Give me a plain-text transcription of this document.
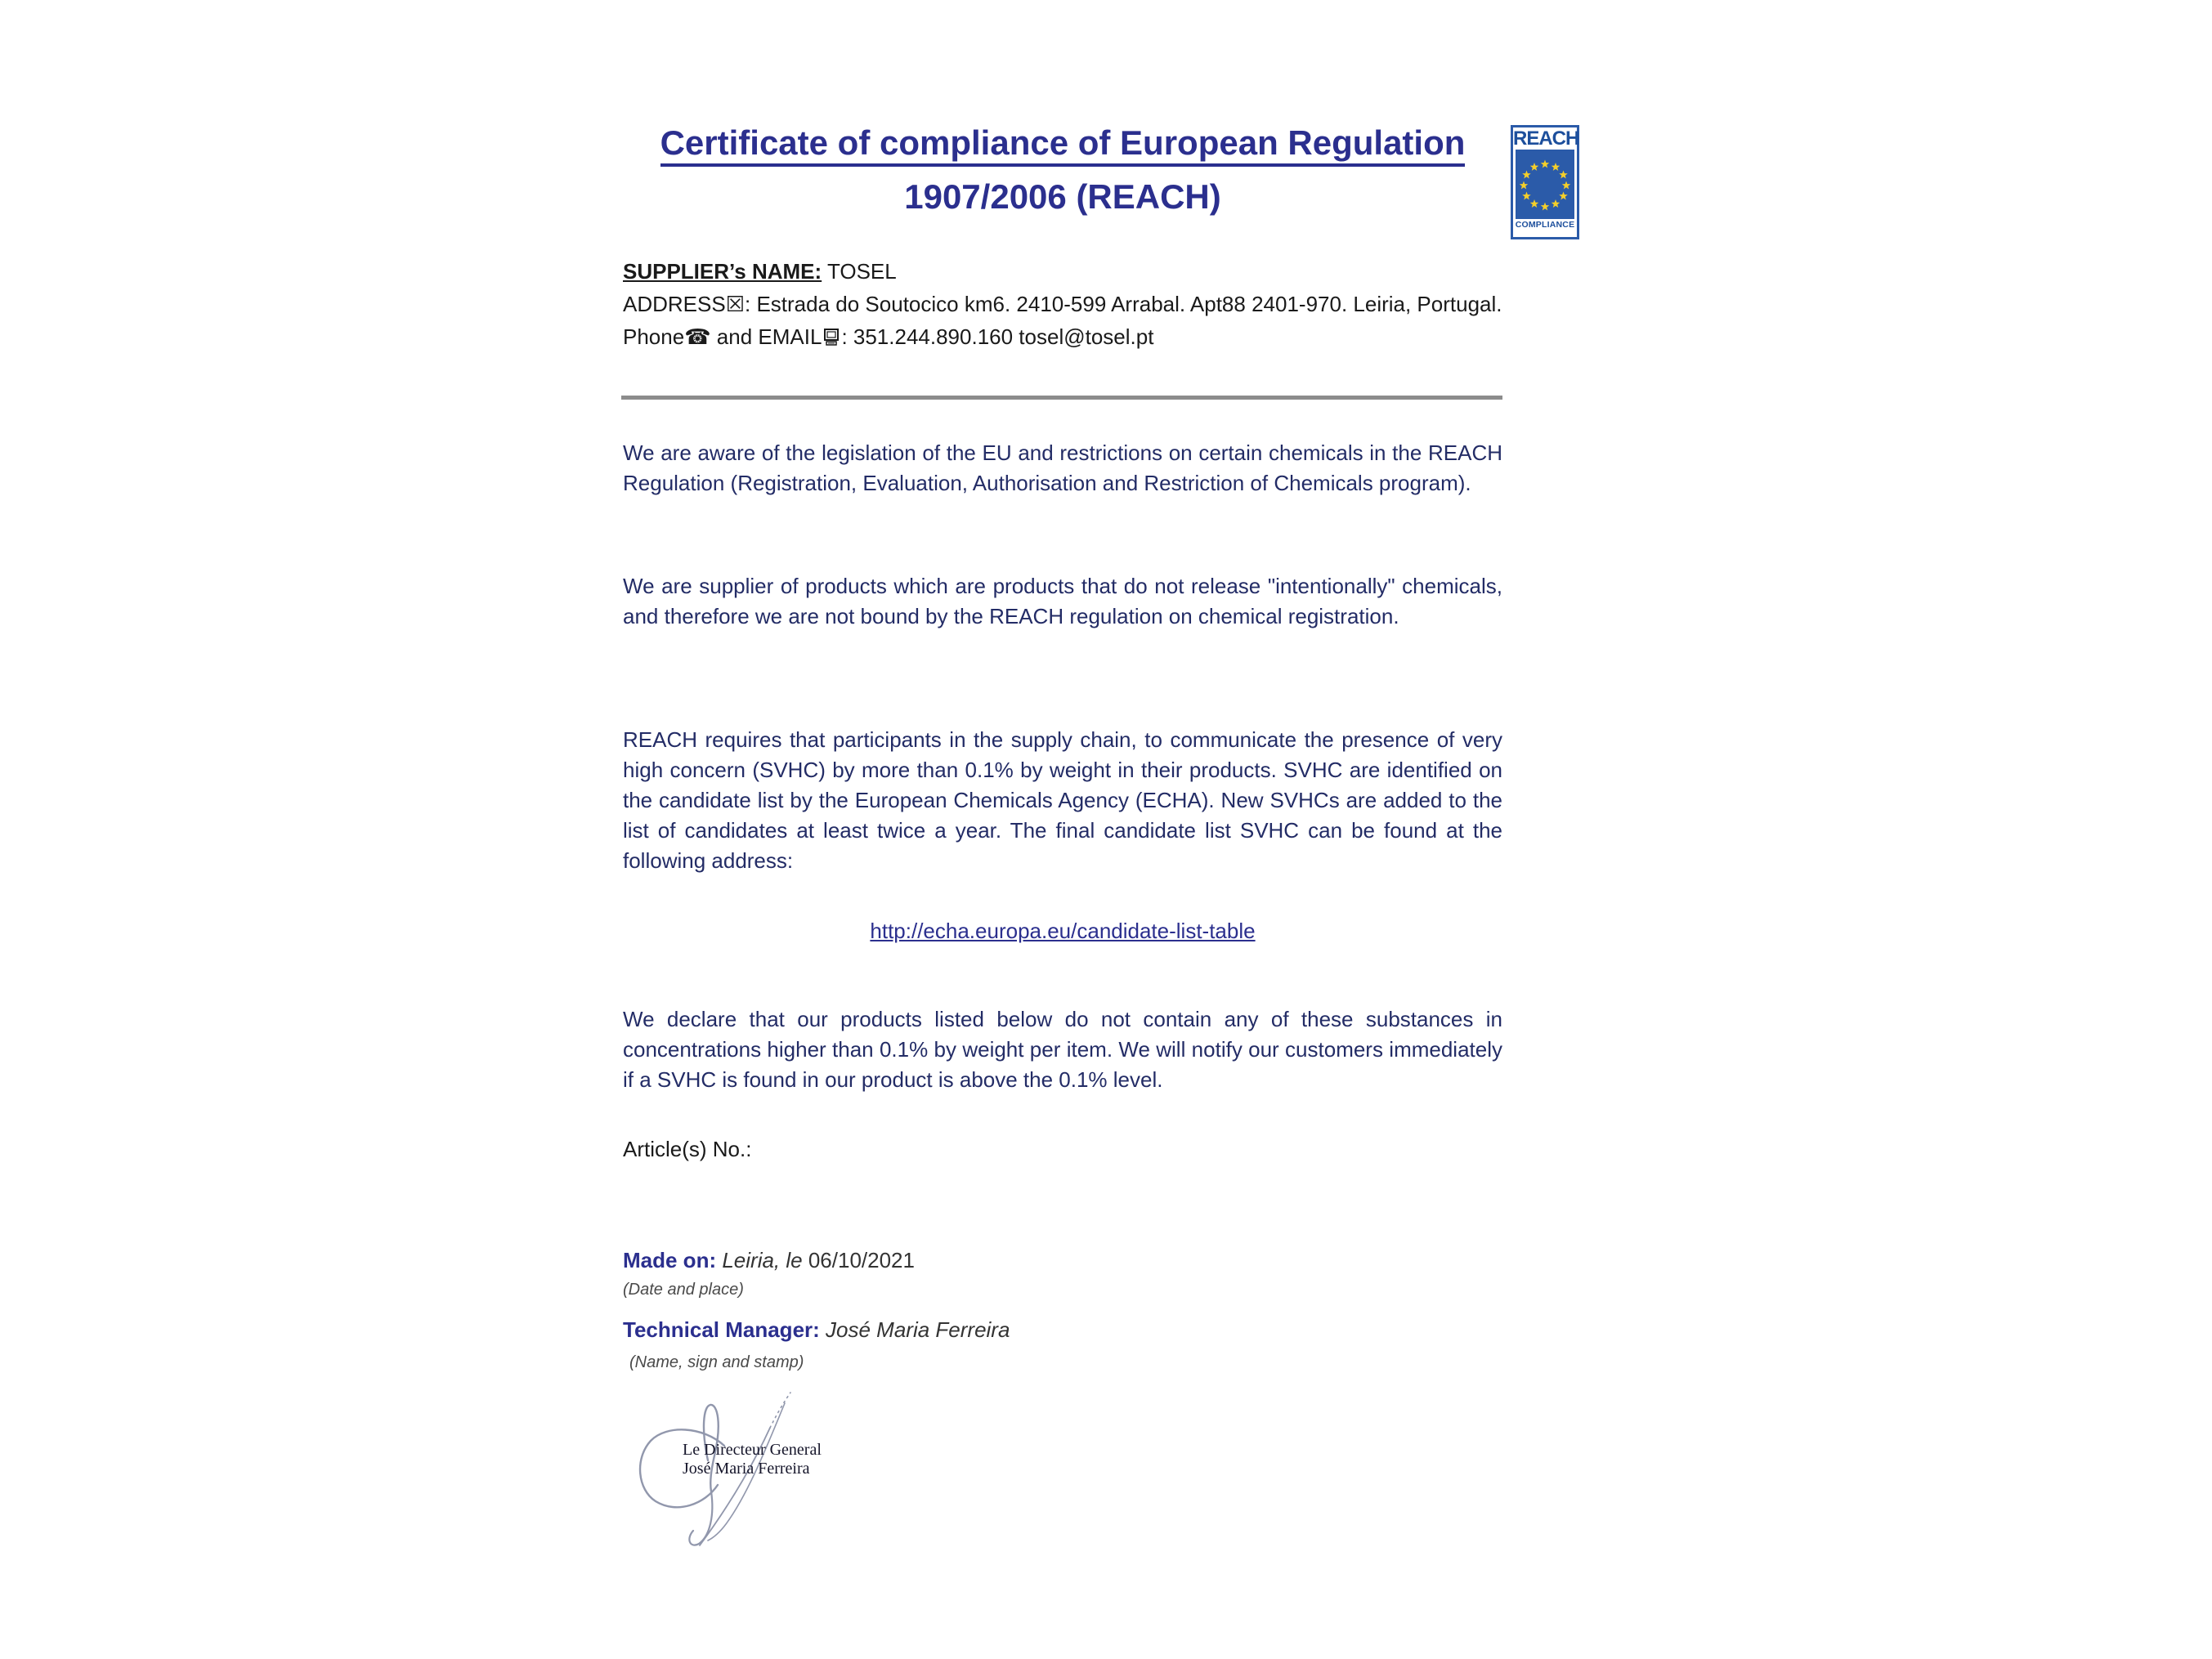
Certificate of compliance of European Regulation
1907/2006 (REACH)
REACH
COMPLIANCE
SUPPLIER’s NAME: TOSEL
ADDRESS☒: Estrada do Soutocico km6. 2410-599 Arrabal. Apt88 2401-970. Leiria, Portugal.
Phone☎ and EMAIL : 351.244.890.160 tosel@tosel.pt
We are aware of the legislation of the EU and restrictions on certain chemicals in the REACH Regulation (Registration, Evaluation, Authorisation and Restriction of Chemicals program).
We are supplier of products which are products that do not release "intentionally" chemicals, and therefore we are not bound by the REACH regulation on chemical registration.
REACH requires that participants in the supply chain, to communicate the presence of very high concern (SVHC) by more than 0.1% by weight in their products. SVHC are identified on the candidate list by the European Chemicals Agency (ECHA). New SVHCs are added to the list of candidates at least twice a year. The final candidate list SVHC can be found at the following address:
http://echa.europa.eu/candidate-list-table
We declare that our products listed below do not contain any of these substances in concentrations higher than 0.1% by weight per item. We will notify our customers immediately if a SVHC is found in our product is above the 0.1% level.
Article(s) No.:
Made on: Leiria, le 06/10/2021
(Date and place)
Technical Manager: José Maria Ferreira
(Name, sign and stamp)
Le Directeur General
José Maria Ferreira
